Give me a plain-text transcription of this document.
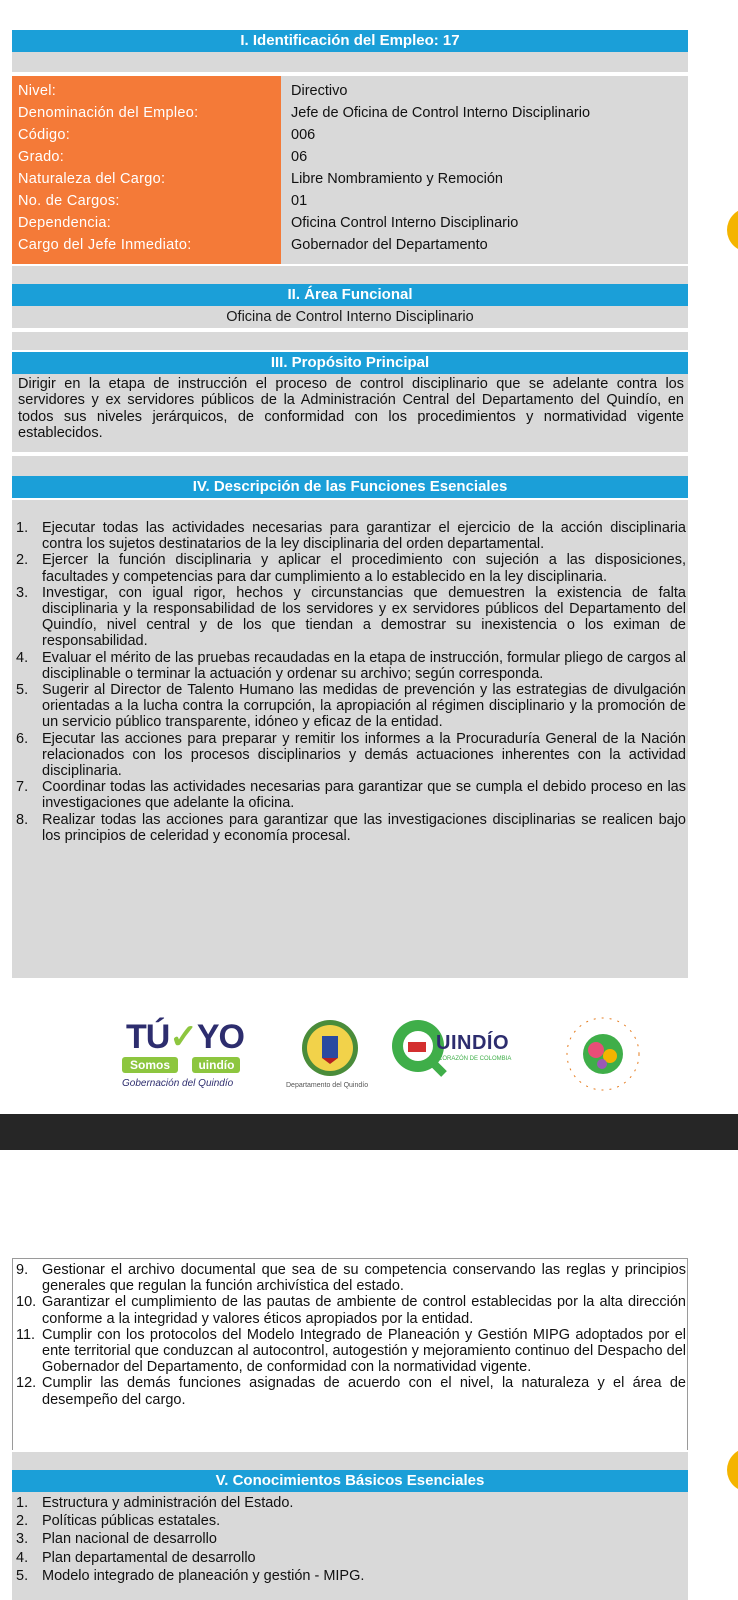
I. Identificación del Empleo: 17
Nivel:	Directivo
Denominación del Empleo:	Jefe de Oficina de Control Interno Disciplinario
Código:	006
Grado:	06
Naturaleza del Cargo:	Libre Nombramiento y Remoción
No. de Cargos:	01
Dependencia:	Oficina Control Interno Disciplinario
Cargo del Jefe Inmediato:	Gobernador del Departamento
II. Área Funcional
Oficina de Control Interno Disciplinario
III. Propósito Principal
Dirigir en la etapa de instrucción el proceso de control disciplinario que se adelante contra los servidores y ex servidores públicos de la Administración Central del Departamento del Quindío, en todos sus niveles jerárquicos, de conformidad con los procedimientos y normatividad vigente establecidos.
IV. Descripción de las Funciones Esenciales
1. Ejecutar todas las actividades necesarias para garantizar el ejercicio de la acción disciplinaria contra los sujetos destinatarios de la ley disciplinaria del orden departamental.
2. Ejercer la función disciplinaria y aplicar el procedimiento con sujeción a las disposiciones, facultades y competencias para dar cumplimiento a lo establecido en la ley disciplinaria.
3. Investigar, con igual rigor, hechos y circunstancias que demuestren la existencia de falta disciplinaria y la responsabilidad de los servidores y ex servidores públicos del Departamento del Quindío, nivel central y de los que tiendan a demostrar su inexistencia o los eximan de responsabilidad.
4. Evaluar el mérito de las pruebas recaudadas en la etapa de instrucción, formular pliego de cargos al disciplinable o terminar la actuación y ordenar su archivo; según corresponda.
5. Sugerir al Director de Talento Humano las medidas de prevención y las estrategias de divulgación orientadas a la lucha contra la corrupción, la apropiación al régimen disciplinario y la promoción de un servicio público transparente, idóneo y eficaz de la entidad.
6. Ejecutar las acciones para preparar y remitir los informes a la Procuraduría General de la Nación relacionados con los procesos disciplinarios y demás actuaciones inherentes con la actividad disciplinaria.
7. Coordinar todas las actividades necesarias para garantizar que se cumpla el debido proceso en las investigaciones que adelante la oficina.
8. Realizar todas las acciones para garantizar que las investigaciones disciplinarias se realicen bajo los principios de celeridad y economía procesal.
TÚ✓YO
Somos uindío
Gobernación del Quindío	Departamento del Quindío
UINDÍO
CORAZÓN DE COLOMBIA
9. Gestionar el archivo documental que sea de su competencia conservando las reglas y principios generales que regulan la función archivística del estado.
10. Garantizar el cumplimiento de las pautas de ambiente de control establecidas por la alta dirección conforme a la integridad y valores éticos apropiados por la entidad.
11. Cumplir con los protocolos del Modelo Integrado de Planeación y Gestión MIPG adoptados por el ente territorial que conduzcan al autocontrol, autogestión y mejoramiento continuo del Despacho del Gobernador del Departamento, de conformidad con la normatividad vigente.
12. Cumplir las demás funciones asignadas de acuerdo con el nivel, la naturaleza y el área de desempeño del cargo.
V. Conocimientos Básicos Esenciales
1. Estructura y administración del Estado.
2. Políticas públicas estatales.
3. Plan nacional de desarrollo
4. Plan departamental de desarrollo
5. Modelo integrado de planeación y gestión - MIPG.
